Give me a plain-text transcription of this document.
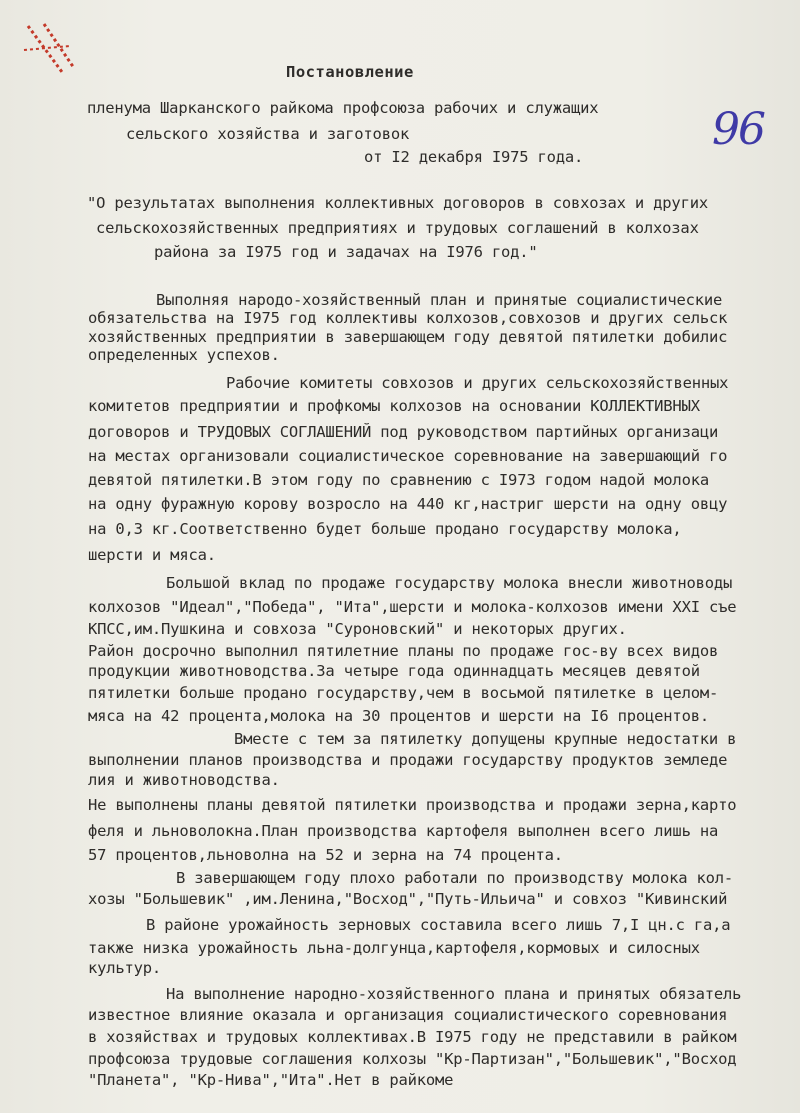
96
Постановление
пленума Шарканского райкома профсоюза рабочих и служащих
сельского хозяйства и заготовок
от I2 декабря I975 года.
"О результатах выполнения коллективных договоров в совхозах и других
сельскохозяйственных предприятиях и трудовых соглашений в колхозах
района за I975 год и задачах на I976 год."
Выполняя народо-хозяйственный план и принятые социалистические
обязательства на I975 год коллективы колхозов,совхозов и других сельск
хозяйственных предприятии в завершающем году девятой пятилетки добилис
определенных успехов.
Рабочие комитеты совхозов и других сельскохозяйственных
комитетов предприятии и профкомы колхозов на основании КОЛЛЕКТИВНЫХ
договоров и ТРУДОВЫХ СОГЛАШЕНИЙ под руководством партийных организаци
на местах организовали социалистическое соревнование на завершающий го
девятой пятилетки.В этом году по сравнению с I973 годом надой молока
на одну фуражную корову возросло на 440 кг,настриг шерсти на одну овцу
на 0,3 кг.Соответственно будет больше продано государству молока,
шерсти и мяса.
Большой вклад по продаже государству молока внесли животноводы
колхозов "Идеал","Победа", "Ита",шерсти и молока-колхозов имени XXI съе
КПСС,им.Пушкина и совхоза "Суроновский" и некоторых других.
Район досрочно выполнил пятилетние планы по продаже гос-ву всех видов
продукции животноводства.За четыре года одиннадцать месяцев девятой
пятилетки больше продано государству,чем в восьмой пятилетке в целом-
мяса на 42 процента,молока на 30 процентов и шерсти на I6 процентов.
Вместе с тем за пятилетку допущены крупные недостатки в
выполнении планов производства и продажи государству продуктов земледе
лия и животноводства.
Не выполнены планы девятой пятилетки производства и продажи зерна,карто
феля и льноволокна.План производства картофеля выполнен всего лишь на
57 процентов,льноволна на 52 и зерна на 74 процента.
В завершающем году плохо работали по производству молока кол-
хозы "Большевик" ,им.Ленина,"Восход","Путь-Ильича" и совхоз "Кивинский
В районе урожайность зерновых составила всего лишь 7,I цн.с га,а
также низка урожайность льна-долгунца,картофеля,кормовых и силосных
культур.
На выполнение народно-хозяйственного плана и принятых обязатель
известное влияние оказала и организация социалистического соревнования
в хозяйствах и трудовых коллективах.В I975 году не представили в райком
профсоюза трудовые соглашения колхозы "Кр-Партизан","Большевик","Восход
"Планета", "Кр-Нива","Ита".Нет в райкоме
